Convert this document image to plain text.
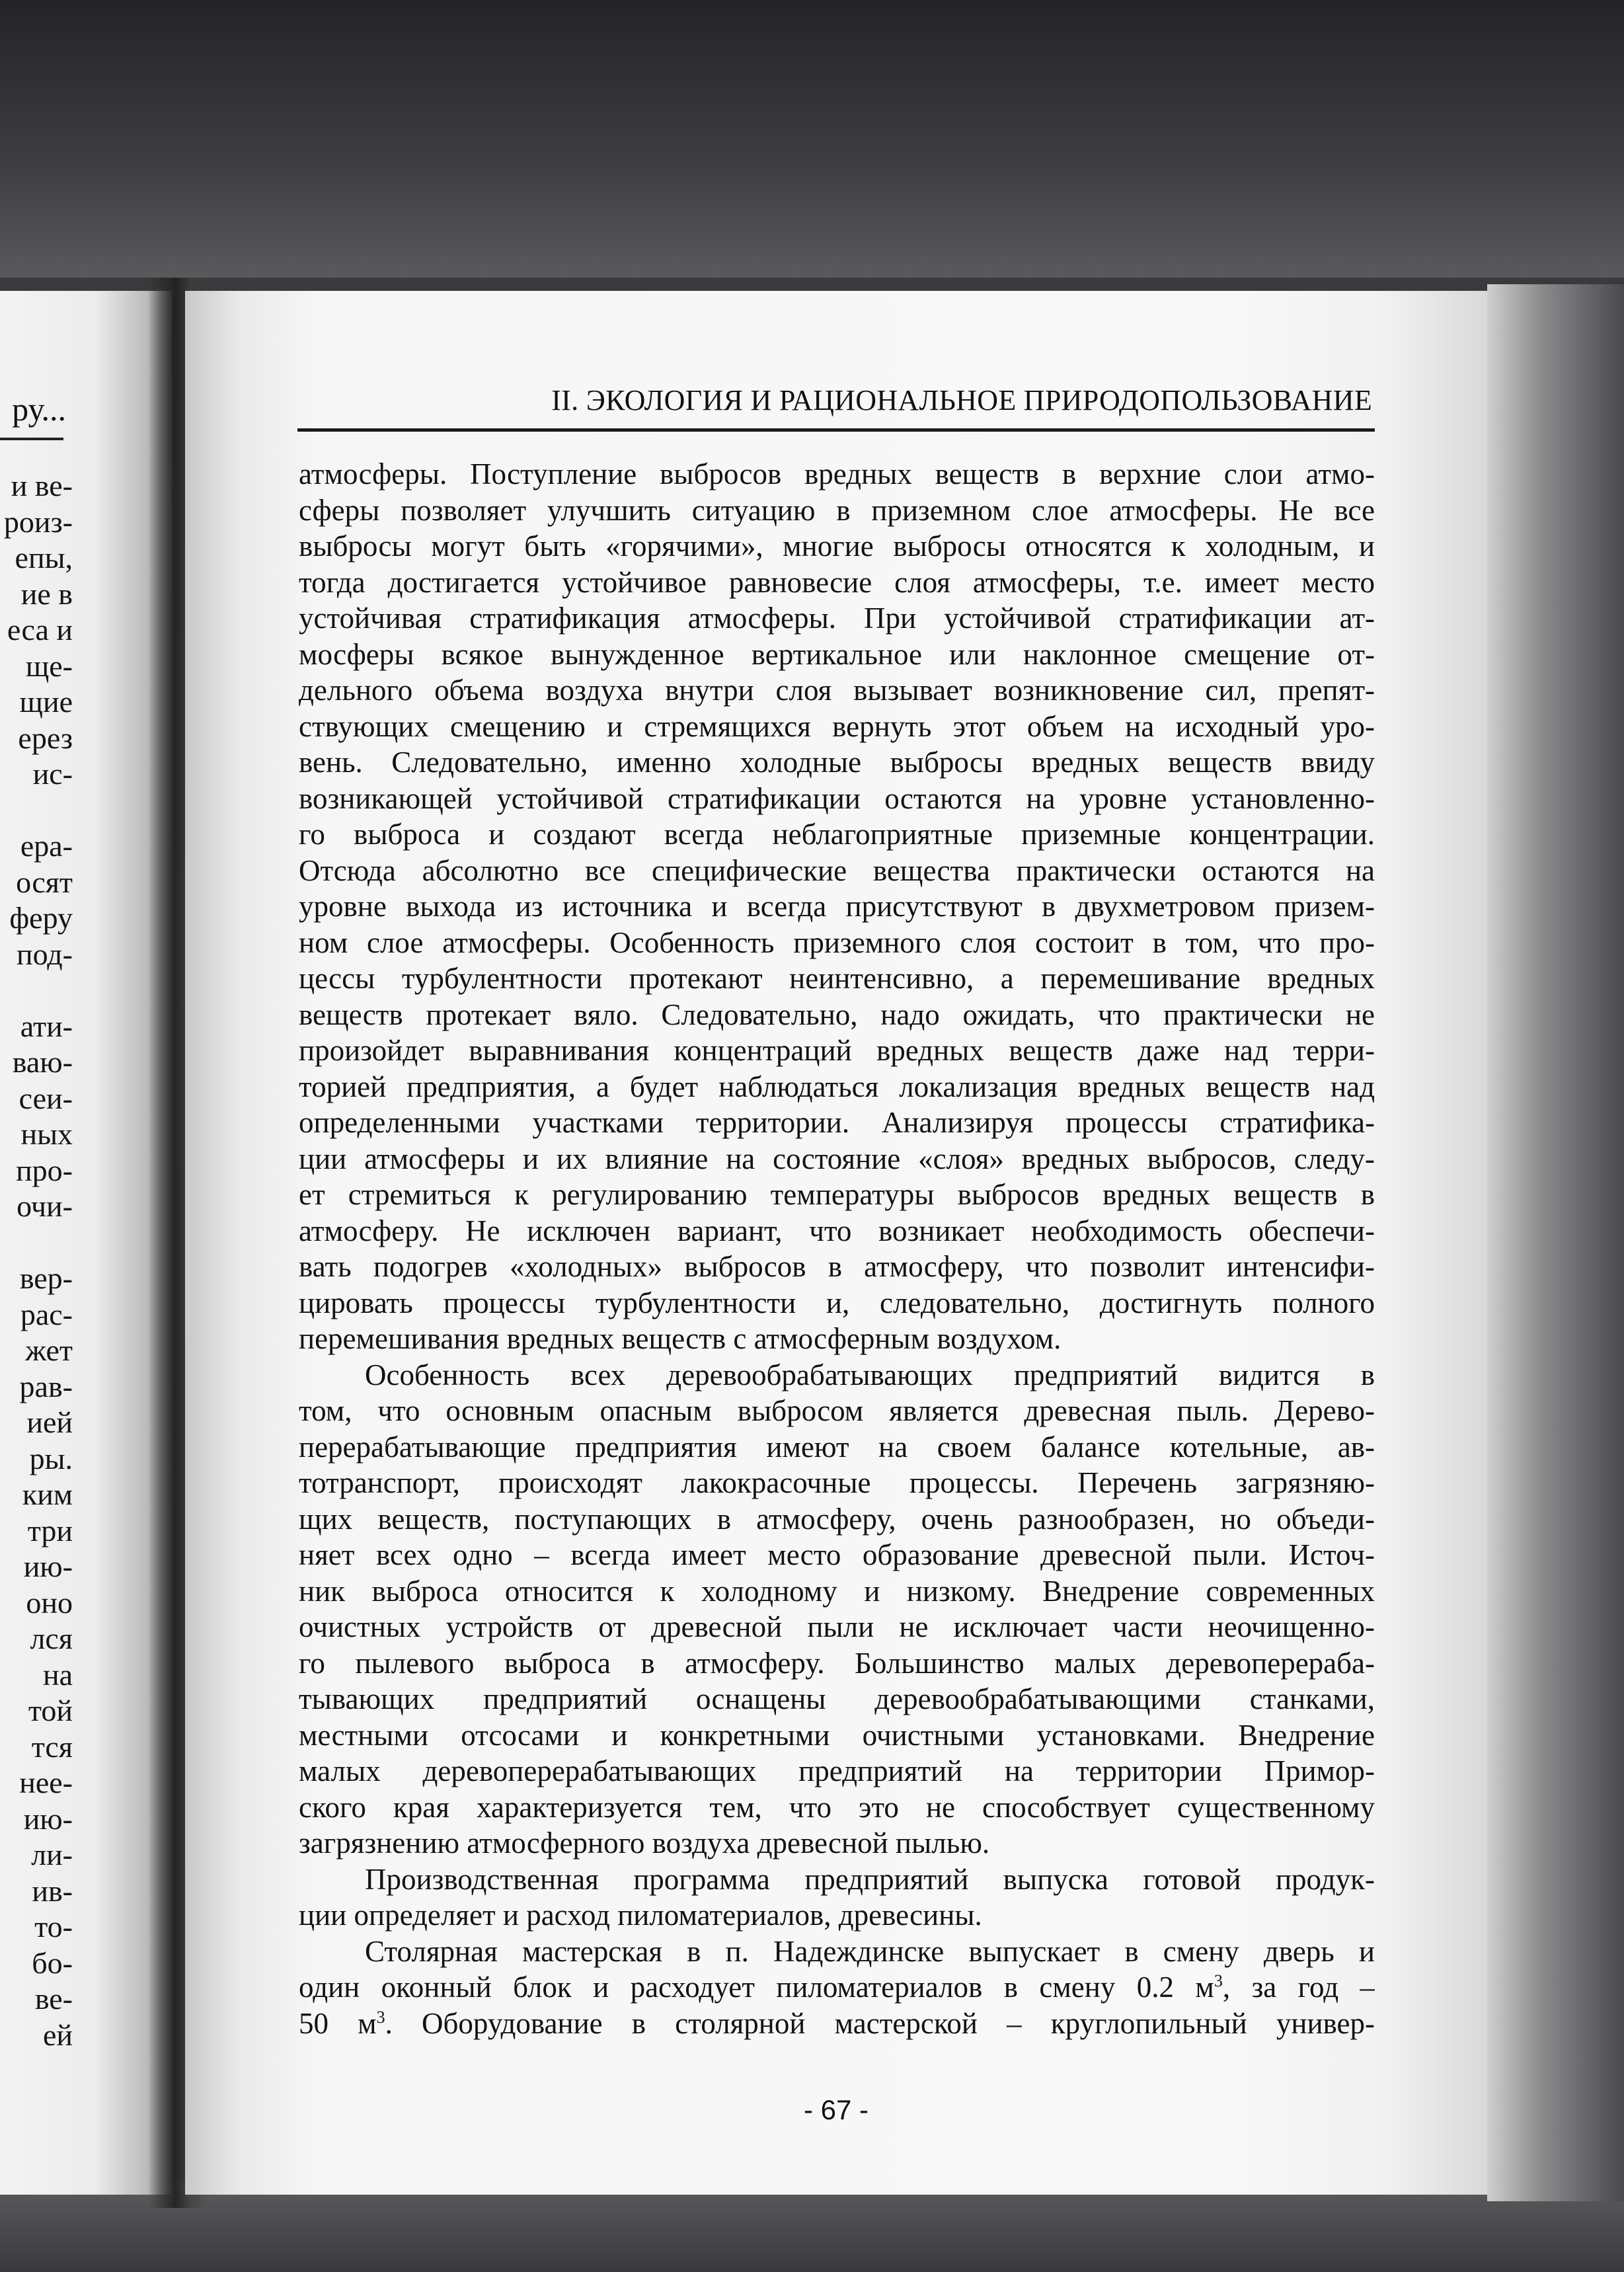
ру...
и ве-
роиз-
епы,
ие в
еса и
ще-
щие
ерез
ис-
ера-
осят
феру
под-
ати-
ваю-
сеи-
ных
про-
очи-
вер-
рас-
жет
рав-
ией
ры.
ким
три
ию-
оно
лся
на
той
тся
нее-
ию-
ли-
ив-
то-
бо-
ве-
ей
II. ЭКОЛОГИЯ И РАЦИОНАЛЬНОЕ ПРИРОДОПОЛЬЗОВАНИЕ
атмосферы. Поступление выбросов вредных веществ в верхние слои атмо-
сферы позволяет улучшить ситуацию в приземном слое атмосферы. Не все
выбросы могут быть «горячими», многие выбросы относятся к холодным, и
тогда достигается устойчивое равновесие слоя атмосферы, т.е. имеет место
устойчивая стратификация атмосферы. При устойчивой стратификации ат-
мосферы всякое вынужденное вертикальное или наклонное смещение от-
дельного объема воздуха внутри слоя вызывает возникновение сил, препят-
ствующих смещению и стремящихся вернуть этот объем на исходный уро-
вень. Следовательно, именно холодные выбросы вредных веществ ввиду
возникающей устойчивой стратификации остаются на уровне установленно-
го выброса и создают всегда неблагоприятные приземные концентрации.
Отсюда абсолютно все специфические вещества практически остаются на
уровне выхода из источника и всегда присутствуют в двухметровом призем-
ном слое атмосферы. Особенность приземного слоя состоит в том, что про-
цессы турбулентности протекают неинтенсивно, а перемешивание вредных
веществ протекает вяло. Следовательно, надо ожидать, что практически не
произойдет выравнивания концентраций вредных веществ даже над терри-
торией предприятия, а будет наблюдаться локализация вредных веществ над
определенными участками территории. Анализируя процессы стратифика-
ции атмосферы и их влияние на состояние «слоя» вредных выбросов, следу-
ет стремиться к регулированию температуры выбросов вредных веществ в
атмосферу. Не исключен вариант, что возникает необходимость обеспечи-
вать подогрев «холодных» выбросов в атмосферу, что позволит интенсифи-
цировать процессы турбулентности и, следовательно, достигнуть полного
перемешивания вредных веществ с атмосферным воздухом.
Особенность всех деревообрабатывающих предприятий видится в
том, что основным опасным выбросом является древесная пыль. Дерево-
перерабатывающие предприятия имеют на своем балансе котельные, ав-
тотранспорт, происходят лакокрасочные процессы. Перечень загрязняю-
щих веществ, поступающих в атмосферу, очень разнообразен, но объеди-
няет всех одно – всегда имеет место образование древесной пыли. Источ-
ник выброса относится к холодному и низкому. Внедрение современных
очистных устройств от древесной пыли не исключает части неочищенно-
го пылевого выброса в атмосферу. Большинство малых деревоперераба-
тывающих предприятий оснащены деревообрабатывающими станками,
местными отсосами и конкретными очистными установками. Внедрение
малых деревоперерабатывающих предприятий на территории Примор-
ского края характеризуется тем, что это не способствует существенному
загрязнению атмосферного воздуха древесной пылью.
Производственная программа предприятий выпуска готовой продук-
ции определяет и расход пиломатериалов, древесины.
Столярная мастерская в п. Надеждинске выпускает в смену дверь и
один оконный блок и расходует пиломатериалов в смену 0.2 $м^3$, за год –
50 $м^3$. Оборудование в столярной мастерской – круглопильный универ-
- 67 -
